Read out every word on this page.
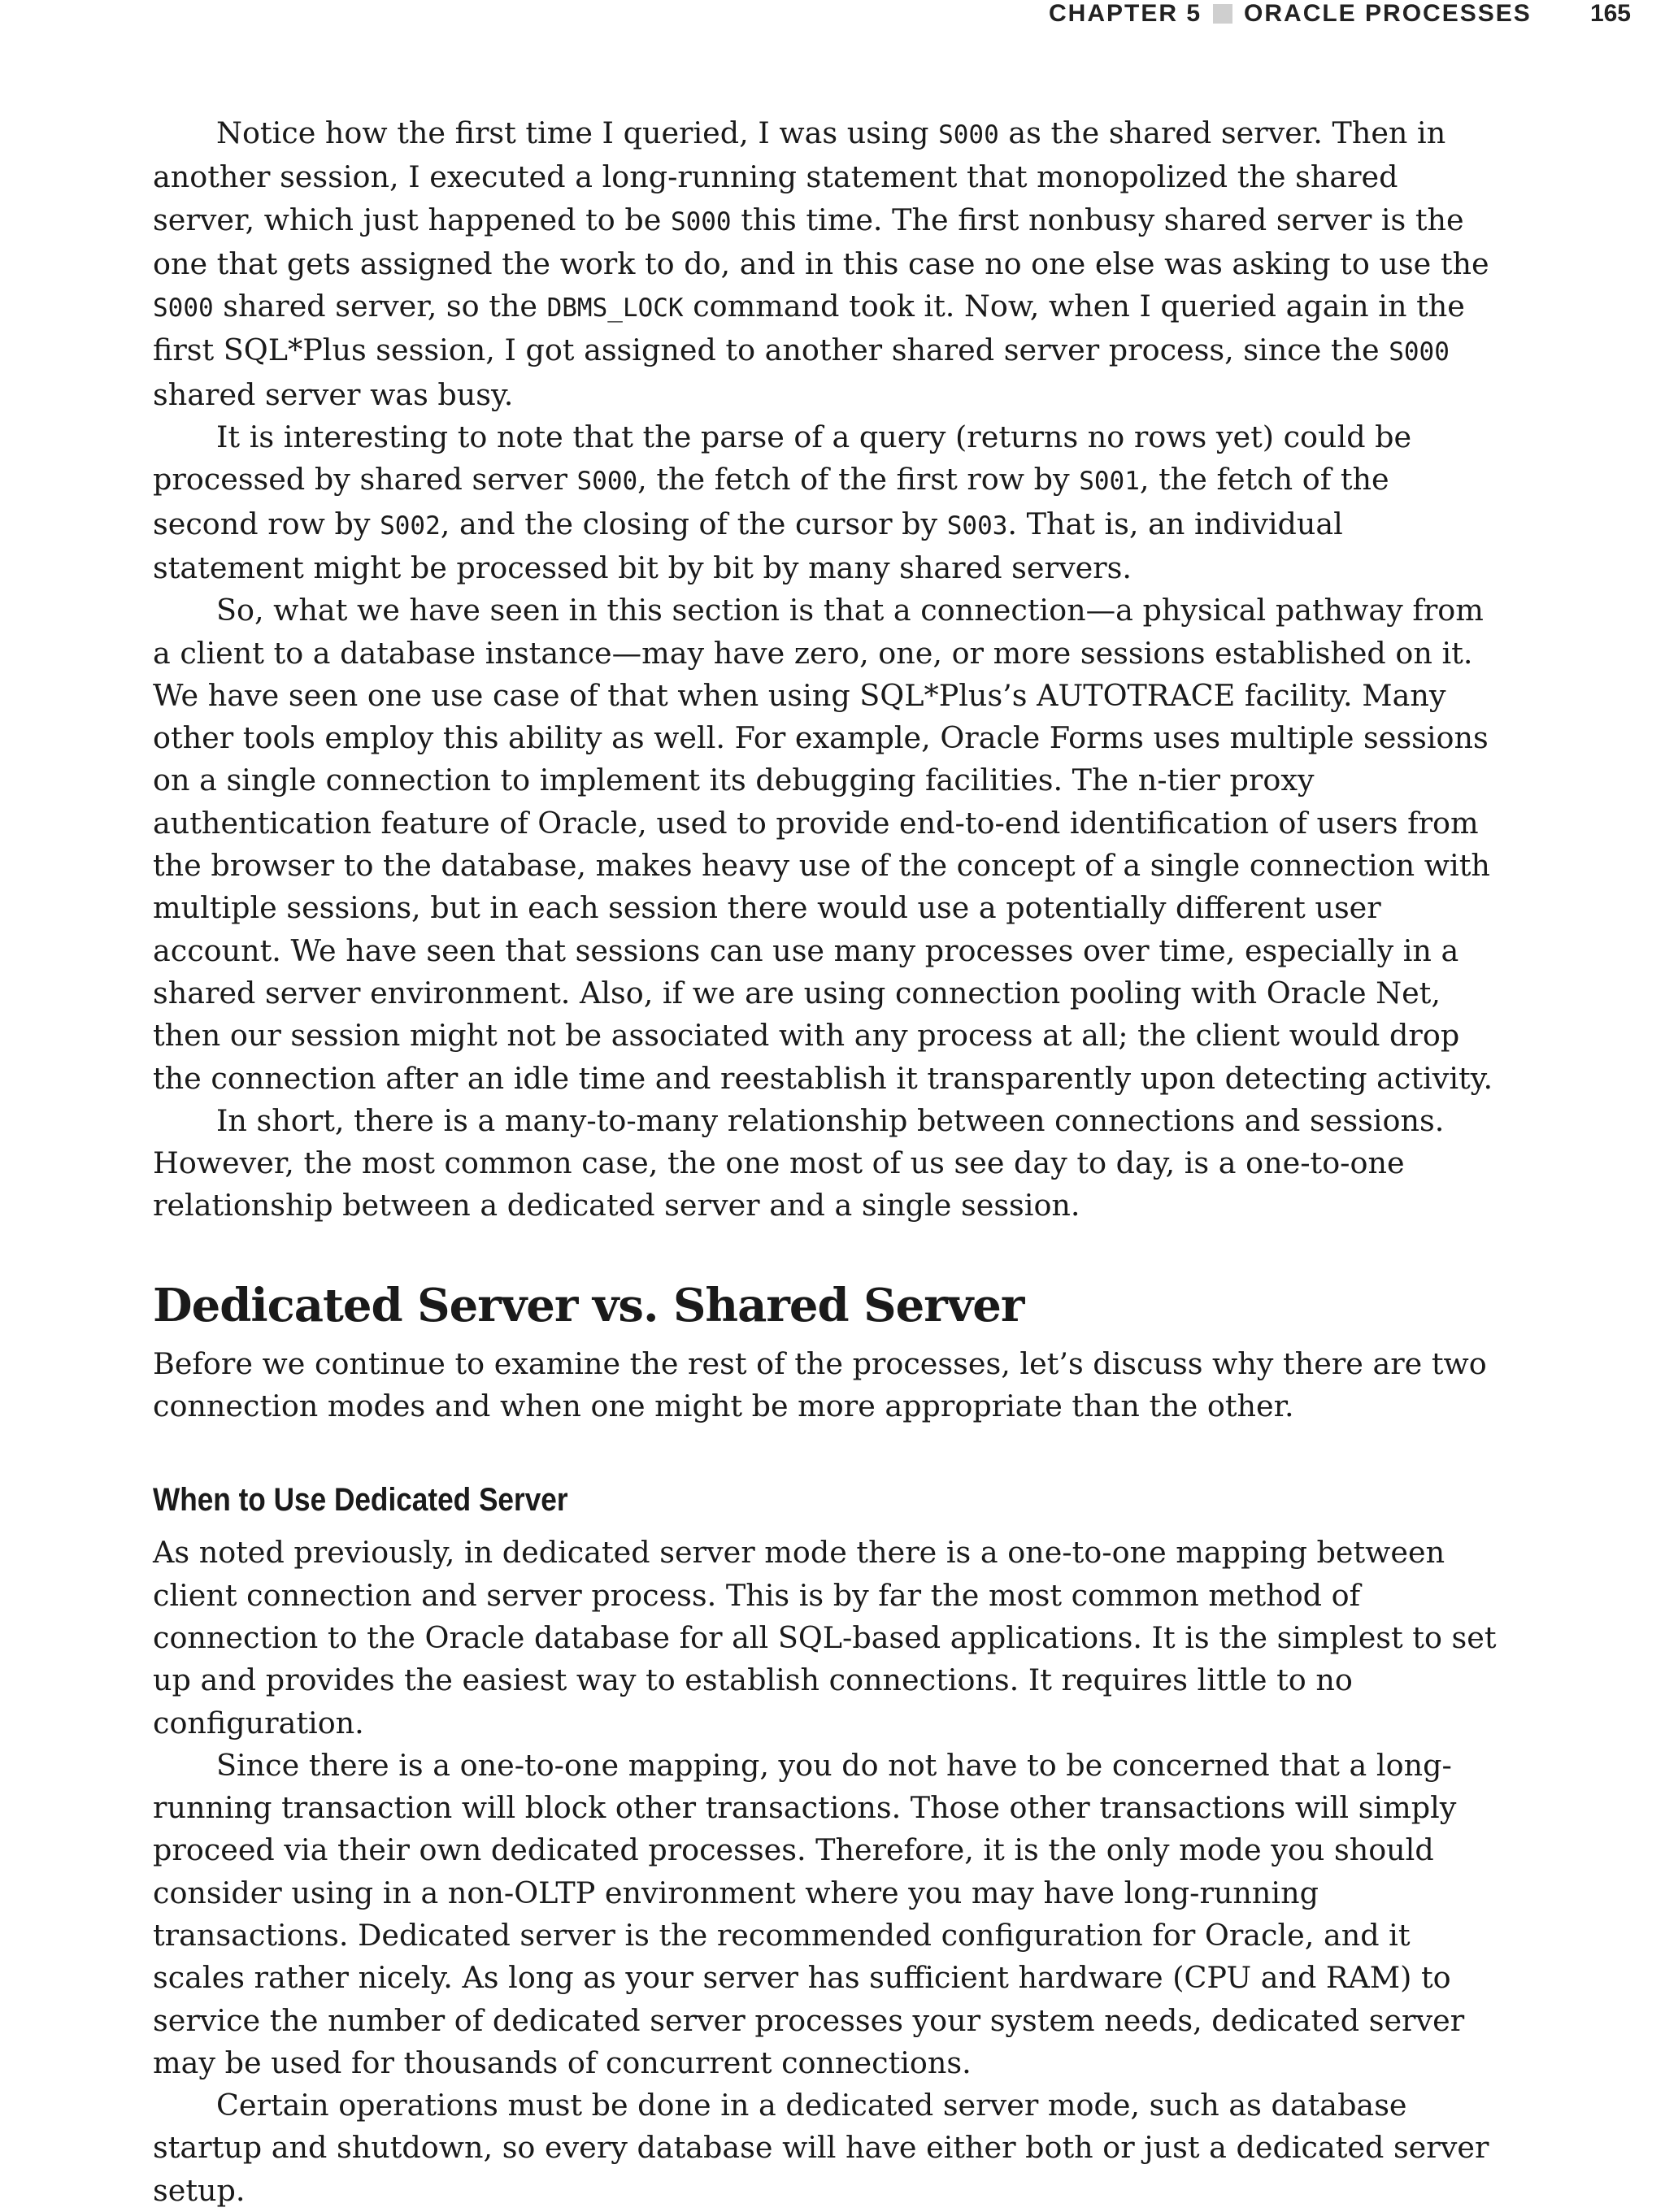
CHAPTER 5 ORACLE PROCESSES 165

Notice how the first time I queried, I was using S000 as the shared server. Then in another session, I executed a long-running statement that monopolized the shared server, which just happened to be S000 this time. The first nonbusy shared server is the one that gets assigned the work to do, and in this case no one else was asking to use the S000 shared server, so the DBMS_LOCK command took it. Now, when I queried again in the first SQL*Plus session, I got assigned to another shared server process, since the S000 shared server was busy.

It is interesting to note that the parse of a query (returns no rows yet) could be processed by shared server S000, the fetch of the first row by S001, the fetch of the second row by S002, and the closing of the cursor by S003. That is, an individual statement might be processed bit by bit by many shared servers.

So, what we have seen in this section is that a connection—a physical pathway from a client to a database instance—may have zero, one, or more sessions established on it. We have seen one use case of that when using SQL*Plus’s AUTOTRACE facility. Many other tools employ this ability as well. For example, Oracle Forms uses multiple sessions on a single connection to implement its debugging facilities. The n-tier proxy authentication feature of Oracle, used to provide end-to-end identification of users from the browser to the database, makes heavy use of the concept of a single connection with multiple sessions, but in each session there would use a potentially different user account. We have seen that sessions can use many processes over time, especially in a shared server environment. Also, if we are using connection pooling with Oracle Net, then our session might not be associated with any process at all; the client would drop the connection after an idle time and reestablish it transparently upon detecting activity.

In short, there is a many-to-many relationship between connections and sessions. However, the most common case, the one most of us see day to day, is a one-to-one relationship between a dedicated server and a single session.

Dedicated Server vs. Shared Server

Before we continue to examine the rest of the processes, let’s discuss why there are two connection modes and when one might be more appropriate than the other.

When to Use Dedicated Server

As noted previously, in dedicated server mode there is a one-to-one mapping between client connection and server process. This is by far the most common method of connection to the Oracle database for all SQL-based applications. It is the simplest to set up and provides the easiest way to establish connections. It requires little to no configuration.

Since there is a one-to-one mapping, you do not have to be concerned that a long-running transaction will block other transactions. Those other transactions will simply proceed via their own dedicated processes. Therefore, it is the only mode you should consider using in a non-OLTP environment where you may have long-running transactions. Dedicated server is the recommended configuration for Oracle, and it scales rather nicely. As long as your server has sufficient hardware (CPU and RAM) to service the number of dedicated server processes your system needs, dedicated server may be used for thousands of concurrent connections.

Certain operations must be done in a dedicated server mode, such as database startup and shutdown, so every database will have either both or just a dedicated server setup.
